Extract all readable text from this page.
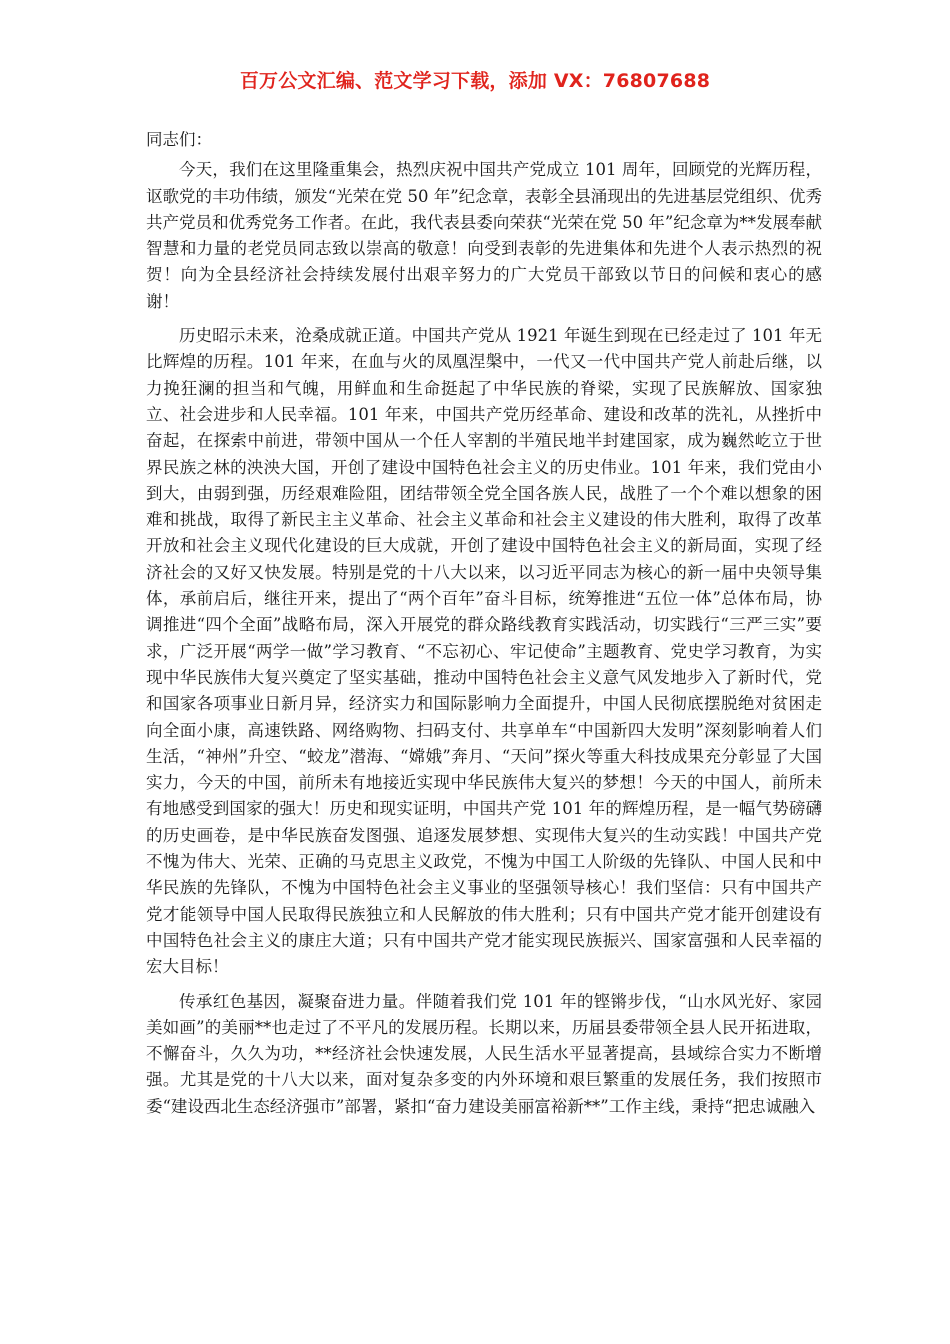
百万公文汇编、范文学习下载，添加 VX：76807688
同志们：

今天，我们在这里隆重集会，热烈庆祝中国共产党成立 101 周年，回顾党的光辉历程，讴歌党的丰功伟绩，颁发“光荣在党 50 年”纪念章，表彰全县涌现出的先进基层党组织、优秀共产党员和优秀党务工作者。在此，我代表县委向荣获“光荣在党 50 年”纪念章为**发展奉献智慧和力量的老党员同志致以崇高的敬意！向受到表彰的先进集体和先进个人表示热烈的祝贺！向为全县经济社会持续发展付出艰辛努力的广大党员干部致以节日的问候和衷心的感谢！

历史昭示未来，沧桑成就正道。中国共产党从 1921 年诞生到现在已经走过了 101 年无比辉煌的历程。101 年来，在血与火的凤凰涅槃中，一代又一代中国共产党人前赴后继，以力挽狂澜的担当和气魄，用鲜血和生命挺起了中华民族的脊梁，实现了民族解放、国家独立、社会进步和人民幸福。101 年来，中国共产党历经革命、建设和改革的洗礼，从挫折中奋起，在探索中前进，带领中国从一个任人宰割的半殖民地半封建国家，成为巍然屹立于世界民族之林的泱泱大国，开创了建设中国特色社会主义的历史伟业。101 年来，我们党由小到大，由弱到强，历经艰难险阻，团结带领全党全国各族人民，战胜了一个个难以想象的困难和挑战，取得了新民主主义革命、社会主义革命和社会主义建设的伟大胜利，取得了改革开放和社会主义现代化建设的巨大成就，开创了建设中国特色社会主义的新局面，实现了经济社会的又好又快发展。特别是党的十八大以来，以习近平同志为核心的新一届中央领导集体，承前启后，继往开来，提出了“两个百年”奋斗目标，统筹推进“五位一体”总体布局，协调推进“四个全面”战略布局，深入开展党的群众路线教育实践活动，切实践行“三严三实”要求，广泛开展“两学一做”学习教育、“不忘初心、牢记使命”主题教育、党史学习教育，为实现中华民族伟大复兴奠定了坚实基础，推动中国特色社会主义意气风发地步入了新时代，党和国家各项事业日新月异，经济实力和国际影响力全面提升，中国人民彻底摆脱绝对贫困走向全面小康，高速铁路、网络购物、扫码支付、共享单车“中国新四大发明”深刻影响着人们生活，“神州”升空、“蛟龙”潜海、“嫦娥”奔月、“天问”探火等重大科技成果充分彰显了大国实力，今天的中国，前所未有地接近实现中华民族伟大复兴的梦想！今天的中国人，前所未有地感受到国家的强大！历史和现实证明，中国共产党 101 年的辉煌历程，是一幅气势磅礴的历史画卷，是中华民族奋发图强、追逐发展梦想、实现伟大复兴的生动实践！中国共产党不愧为伟大、光荣、正确的马克思主义政党，不愧为中国工人阶级的先锋队、中国人民和中华民族的先锋队，不愧为中国特色社会主义事业的坚强领导核心！我们坚信：只有中国共产党才能领导中国人民取得民族独立和人民解放的伟大胜利；只有中国共产党才能开创建设有中国特色社会主义的康庄大道；只有中国共产党才能实现民族振兴、国家富强和人民幸福的宏大目标！

传承红色基因，凝聚奋进力量。伴随着我们党 101 年的铿锵步伐，“山水风光好、家园美如画”的美丽**也走过了不平凡的发展历程。长期以来，历届县委带领全县人民开拓进取，不懈奋斗，久久为功，**经济社会快速发展，人民生活水平显著提高，县域综合实力不断增强。尤其是党的十八大以来，面对复杂多变的内外环境和艰巨繁重的发展任务，我们按照市委“建设西北生态经济强市”部署，紧扣“奋力建设美丽富裕新**”工作主线，秉持“把忠诚融入
